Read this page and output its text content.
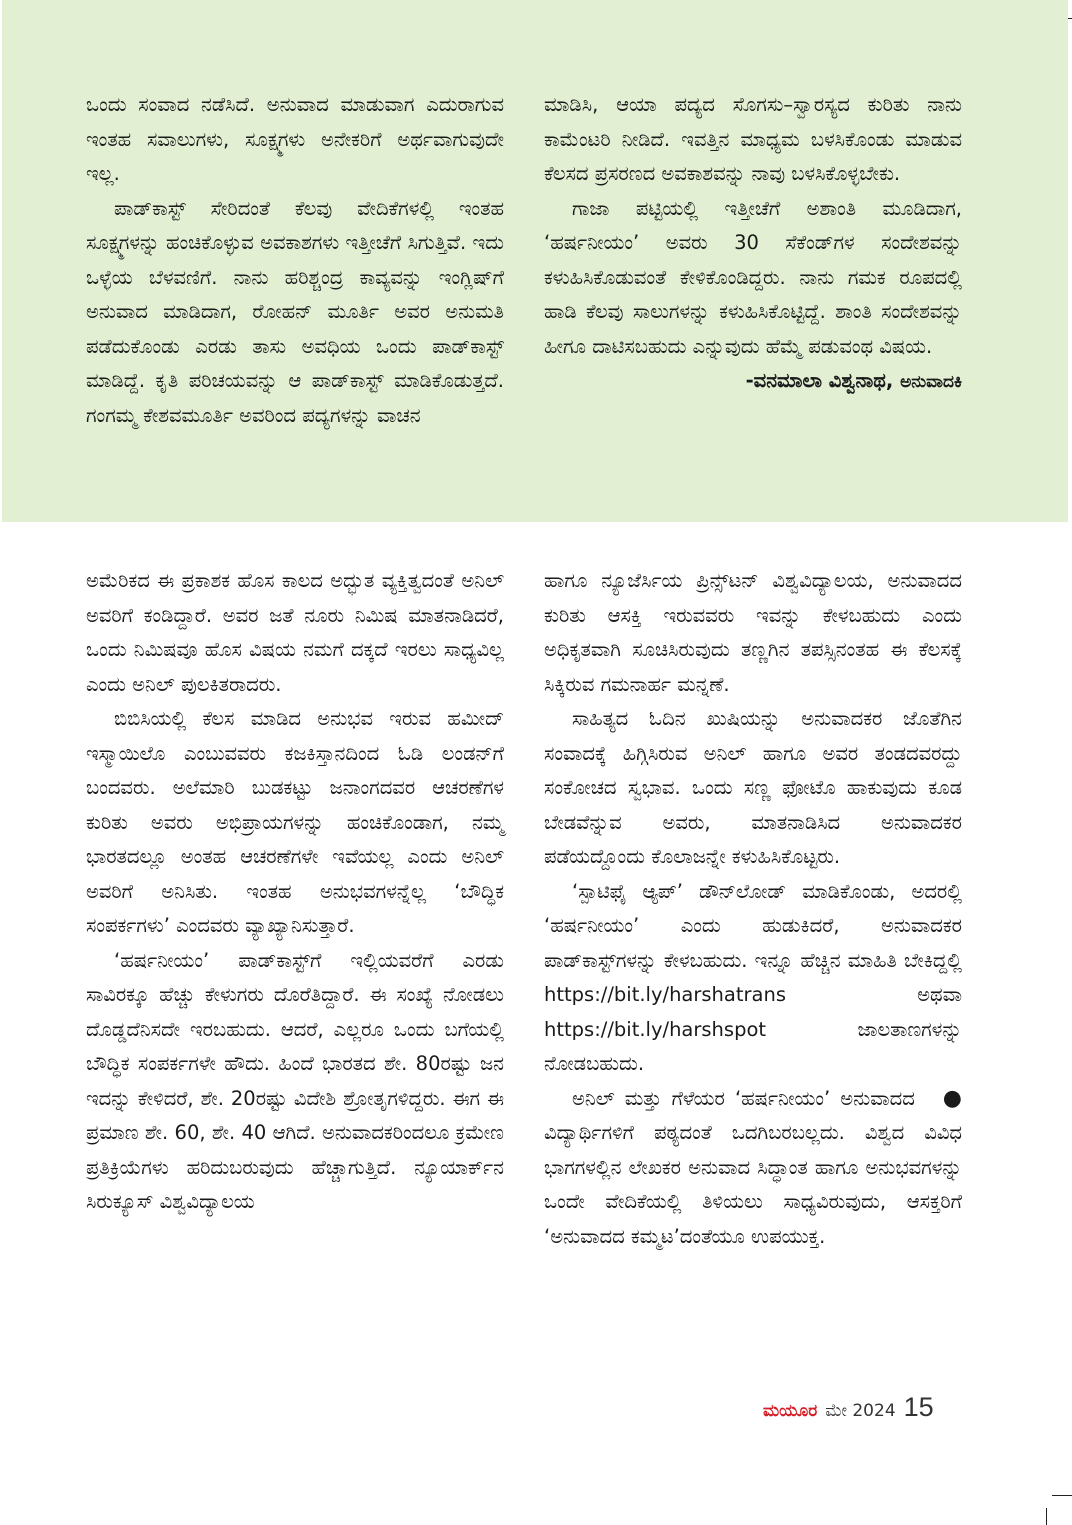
ಒಂದು ಸಂವಾದ ನಡೆಸಿದೆ. ಅನುವಾದ ಮಾಡುವಾಗ ಎದುರಾಗುವ ಇಂತಹ ಸವಾಲುಗಳು, ಸೂಕ್ಷ್ಮಗಳು ಅನೇಕರಿಗೆ ಅರ್ಥವಾಗುವುದೇ ಇಲ್ಲ.

ಪಾಡ್‌ಕಾಸ್ಟ್ ಸೇರಿದಂತೆ ಕೆಲವು ವೇದಿಕೆಗಳಲ್ಲಿ ಇಂತಹ ಸೂಕ್ಷ್ಮಗಳನ್ನು ಹಂಚಿಕೊಳ್ಳುವ ಅವಕಾಶಗಳು ಇತ್ತೀಚೆಗೆ ಸಿಗುತ್ತಿವೆ. ಇದು ಒಳ್ಳೆಯ ಬೆಳವಣಿಗೆ. ನಾನು ಹರಿಶ್ಚಂದ್ರ ಕಾವ್ಯವನ್ನು ಇಂಗ್ಲಿಷ್‌ಗೆ ಅನುವಾದ ಮಾಡಿದಾಗ, ರೋಹನ್ ಮೂರ್ತಿ ಅವರ ಅನುಮತಿ ಪಡೆದುಕೊಂಡು ಎರಡು ತಾಸು ಅವಧಿಯ ಒಂದು ಪಾಡ್‌ಕಾಸ್ಟ್ ಮಾಡಿದ್ದೆ. ಕೃತಿ ಪರಿಚಯವನ್ನು ಆ ಪಾಡ್‌ಕಾಸ್ಟ್ ಮಾಡಿಕೊಡುತ್ತದೆ. ಗಂಗಮ್ಮ ಕೇಶವಮೂರ್ತಿ ಅವರಿಂದ ಪದ್ಯಗಳನ್ನು ವಾಚನ

ಮಾಡಿಸಿ, ಆಯಾ ಪದ್ಯದ ಸೊಗಸು–ಸ್ವಾರಸ್ಯದ ಕುರಿತು ನಾನು ಕಾಮೆಂಟರಿ ನೀಡಿದೆ. ಇವತ್ತಿನ ಮಾಧ್ಯಮ ಬಳಸಿಕೊಂಡು ಮಾಡುವ ಕೆಲಸದ ಪ್ರಸರಣದ ಅವಕಾಶವನ್ನು ನಾವು ಬಳಸಿಕೊಳ್ಳಬೇಕು.

ಗಾಜಾ ಪಟ್ಟಿಯಲ್ಲಿ ಇತ್ತೀಚೆಗೆ ಅಶಾಂತಿ ಮೂಡಿದಾಗ, ‘ಹರ್ಷನೀಯಂ’ ಅವರು 30 ಸೆಕೆಂಡ್‌ಗಳ ಸಂದೇಶವನ್ನು ಕಳುಹಿಸಿಕೊಡುವಂತೆ ಕೇಳಿಕೊಂಡಿದ್ದರು. ನಾನು ಗಮಕ ರೂಪದಲ್ಲಿ ಹಾಡಿ ಕೆಲವು ಸಾಲುಗಳನ್ನು ಕಳುಹಿಸಿಕೊಟ್ಟಿದ್ದೆ. ಶಾಂತಿ ಸಂದೇಶವನ್ನು ಹೀಗೂ ದಾಟಿಸಬಹುದು ಎನ್ನುವುದು ಹೆಮ್ಮೆ ಪಡುವಂಥ ವಿಷಯ.

-ವನಮಾಲಾ ವಿಶ್ವನಾಥ, ಅನುವಾದಕಿ

ಅಮೆರಿಕದ ಈ ಪ್ರಕಾಶಕ ಹೊಸ ಕಾಲದ ಅದ್ಭುತ ವ್ಯಕ್ತಿತ್ವದಂತೆ ಅನಿಲ್ ಅವರಿಗೆ ಕಂಡಿದ್ದಾರೆ. ಅವರ ಜತೆ ನೂರು ನಿಮಿಷ ಮಾತನಾಡಿದರೆ, ಒಂದು ನಿಮಿಷವೂ ಹೊಸ ವಿಷಯ ನಮಗೆ ದಕ್ಕದೆ ಇರಲು ಸಾಧ್ಯವಿಲ್ಲ ಎಂದು ಅನಿಲ್ ಪುಲಕಿತರಾದರು.

ಬಿಬಿಸಿಯಲ್ಲಿ ಕೆಲಸ ಮಾಡಿದ ಅನುಭವ ಇರುವ ಹಮೀದ್ ಇಸ್ಮಾಯಿಲೊ ಎಂಬುವವರು ಕಜಕಿಸ್ತಾನದಿಂದ ಓಡಿ ಲಂಡನ್‌ಗೆ ಬಂದವರು. ಅಲೆಮಾರಿ ಬುಡಕಟ್ಟು ಜನಾಂಗದವರ ಆಚರಣೆಗಳ ಕುರಿತು ಅವರು ಅಭಿಪ್ರಾಯಗಳನ್ನು ಹಂಚಿಕೊಂಡಾಗ, ನಮ್ಮ ಭಾರತದಲ್ಲೂ ಅಂತಹ ಆಚರಣೆಗಳೇ ಇವೆಯಲ್ಲ ಎಂದು ಅನಿಲ್ ಅವರಿಗೆ ಅನಿಸಿತು. ಇಂತಹ ಅನುಭವಗಳನ್ನೆಲ್ಲ ‘ಬೌದ್ಧಿಕ ಸಂಪರ್ಕಗಳು’ ಎಂದವರು ವ್ಯಾಖ್ಯಾನಿಸುತ್ತಾರೆ.

‘ಹರ್ಷನೀಯಂ’ ಪಾಡ್‌ಕಾಸ್ಟ್‌ಗೆ ಇಲ್ಲಿಯವರೆಗೆ ಎರಡು ಸಾವಿರಕ್ಕೂ ಹೆಚ್ಚು ಕೇಳುಗರು ದೊರೆತಿದ್ದಾರೆ. ಈ ಸಂಖ್ಯೆ ನೋಡಲು ದೊಡ್ಡದೆನಿಸದೇ ಇರಬಹುದು. ಆದರೆ, ಎಲ್ಲರೂ ಒಂದು ಬಗೆಯಲ್ಲಿ ಬೌದ್ಧಿಕ ಸಂಪರ್ಕಗಳೇ ಹೌದು. ಹಿಂದೆ ಭಾರತದ ಶೇ. 80ರಷ್ಟು ಜನ ಇದನ್ನು ಕೇಳಿದರೆ, ಶೇ. 20ರಷ್ಟು ವಿದೇಶಿ ಶ್ರೋತೃಗಳಿದ್ದರು. ಈಗ ಈ ಪ್ರಮಾಣ ಶೇ. 60, ಶೇ. 40 ಆಗಿದೆ. ಅನುವಾದಕರಿಂದಲೂ ಕ್ರಮೇಣ ಪ್ರತಿಕ್ರಿಯೆಗಳು ಹರಿದುಬರುವುದು ಹೆಚ್ಚಾಗುತ್ತಿದೆ. ನ್ಯೂಯಾರ್ಕ್‌ನ ಸಿರುಕ್ಯೂಸ್ ವಿಶ್ವವಿದ್ಯಾಲಯ

ಹಾಗೂ ನ್ಯೂಜೆರ್ಸಿಯ ಪ್ರಿನ್ಸ್‌ಟನ್ ವಿಶ್ವವಿದ್ಯಾಲಯ, ಅನುವಾದದ ಕುರಿತು ಆಸಕ್ತಿ ಇರುವವರು ಇವನ್ನು ಕೇಳಬಹುದು ಎಂದು ಅಧಿಕೃತವಾಗಿ ಸೂಚಿಸಿರುವುದು ತಣ್ಣಗಿನ ತಪಸ್ಸಿನಂತಹ ಈ ಕೆಲಸಕ್ಕೆ ಸಿಕ್ಕಿರುವ ಗಮನಾರ್ಹ ಮನ್ನಣೆ.

ಸಾಹಿತ್ಯದ ಓದಿನ ಖುಷಿಯನ್ನು ಅನುವಾದಕರ ಜೊತೆಗಿನ ಸಂವಾದಕ್ಕೆ ಹಿಗ್ಗಿಸಿರುವ ಅನಿಲ್ ಹಾಗೂ ಅವರ ತಂಡದವರದ್ದು ಸಂಕೋಚದ ಸ್ವಭಾವ. ಒಂದು ಸಣ್ಣ ಫೋಟೊ ಹಾಕುವುದು ಕೂಡ ಬೇಡವೆನ್ನುವ ಅವರು, ಮಾತನಾಡಿಸಿದ ಅನುವಾದಕರ ಪಡೆಯದ್ದೊಂದು ಕೊಲಾಜನ್ನೇ ಕಳುಹಿಸಿಕೊಟ್ಟರು.

‘ಸ್ಪಾಟಿಫೈ ಆ್ಯಪ್’ ಡೌನ್‌ಲೋಡ್ ಮಾಡಿಕೊಂಡು, ಅದರಲ್ಲಿ ‘ಹರ್ಷನೀಯಂ’ ಎಂದು ಹುಡುಕಿದರೆ, ಅನುವಾದಕರ ಪಾಡ್‌ಕಾಸ್ಟ್‌ಗಳನ್ನು ಕೇಳಬಹುದು. ಇನ್ನೂ ಹೆಚ್ಚಿನ ಮಾಹಿತಿ ಬೇಕಿದ್ದಲ್ಲಿ https://bit.ly/harshatrans ಅಥವಾ https://bit.ly/harshspot ಜಾಲತಾಣಗಳನ್ನು ನೋಡಬಹುದು.

●
ಅನಿಲ್ ಮತ್ತು ಗೆಳೆಯರ ‘ಹರ್ಷನೀಯಂ’ ಅನುವಾದದ ವಿದ್ಯಾರ್ಥಿಗಳಿಗೆ ಪಠ್ಯದಂತೆ ಒದಗಿಬರಬಲ್ಲದು. ವಿಶ್ವದ ವಿವಿಧ ಭಾಗಗಳಲ್ಲಿನ ಲೇಖಕರ ಅನುವಾದ ಸಿದ್ಧಾಂತ ಹಾಗೂ ಅನುಭವಗಳನ್ನು ಒಂದೇ ವೇದಿಕೆಯಲ್ಲಿ ತಿಳಿಯಲು ಸಾಧ್ಯವಿರುವುದು, ಆಸಕ್ತರಿಗೆ ‘ಅನುವಾದದ ಕಮ್ಮಟ’ದಂತೆಯೂ ಉಪಯುಕ್ತ.

ಮಯೂರ ಮೇ 2024 15
